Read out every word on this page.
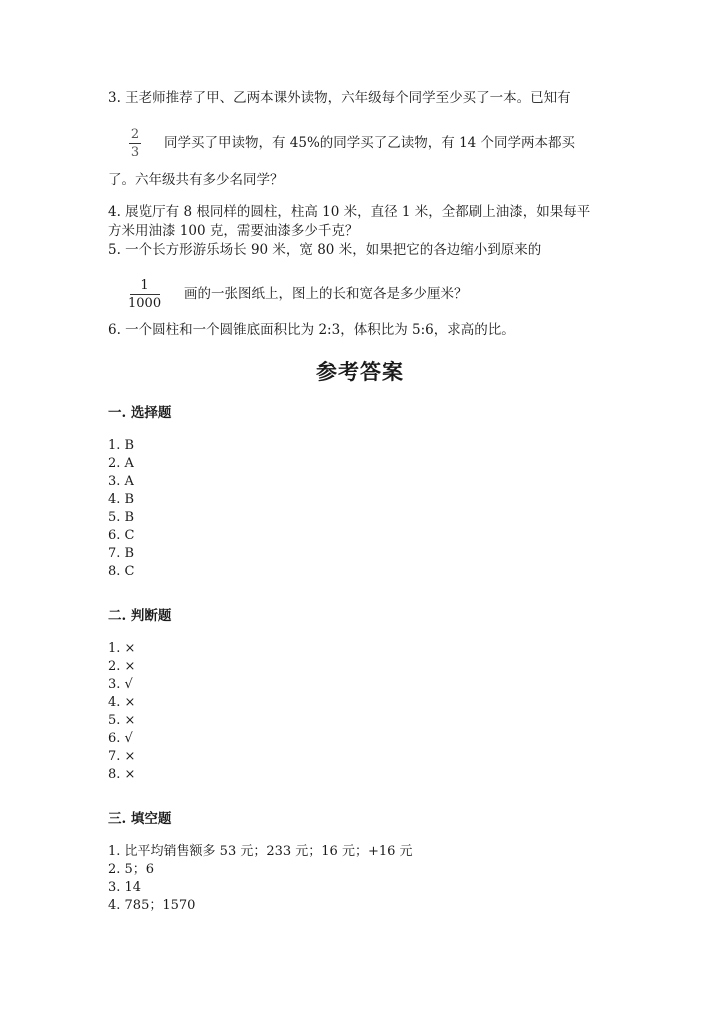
3. 王老师推荐了甲、乙两本课外读物，六年级每个同学至少买了一本。已知有
2
3
同学买了甲读物，有 45%的同学买了乙读物，有 14 个同学两本都买
了。六年级共有多少名同学？
4. 展览厅有 8 根同样的圆柱，柱高 10 米，直径 1 米，全都刷上油漆，如果每平
方米用油漆 100 克，需要油漆多少千克？
5. 一个长方形游乐场长 90 米，宽 80 米，如果把它的各边缩小到原来的
1
1000
画的一张图纸上，图上的长和宽各是多少厘米？
6. 一个圆柱和一个圆锥底面积比为 2:3，体积比为 5:6，求高的比。
参考答案
一. 选择题
1. B
2. A
3. A
4. B
5. B
6. C
7. B
8. C
二. 判断题
1. ×
2. ×
3. √
4. ×
5. ×
6. √
7. ×
8. ×
三. 填空题
1. 比平均销售额多 53 元；233 元；16 元；+16 元
2. 5；6
3. 14
4. 785；1570
